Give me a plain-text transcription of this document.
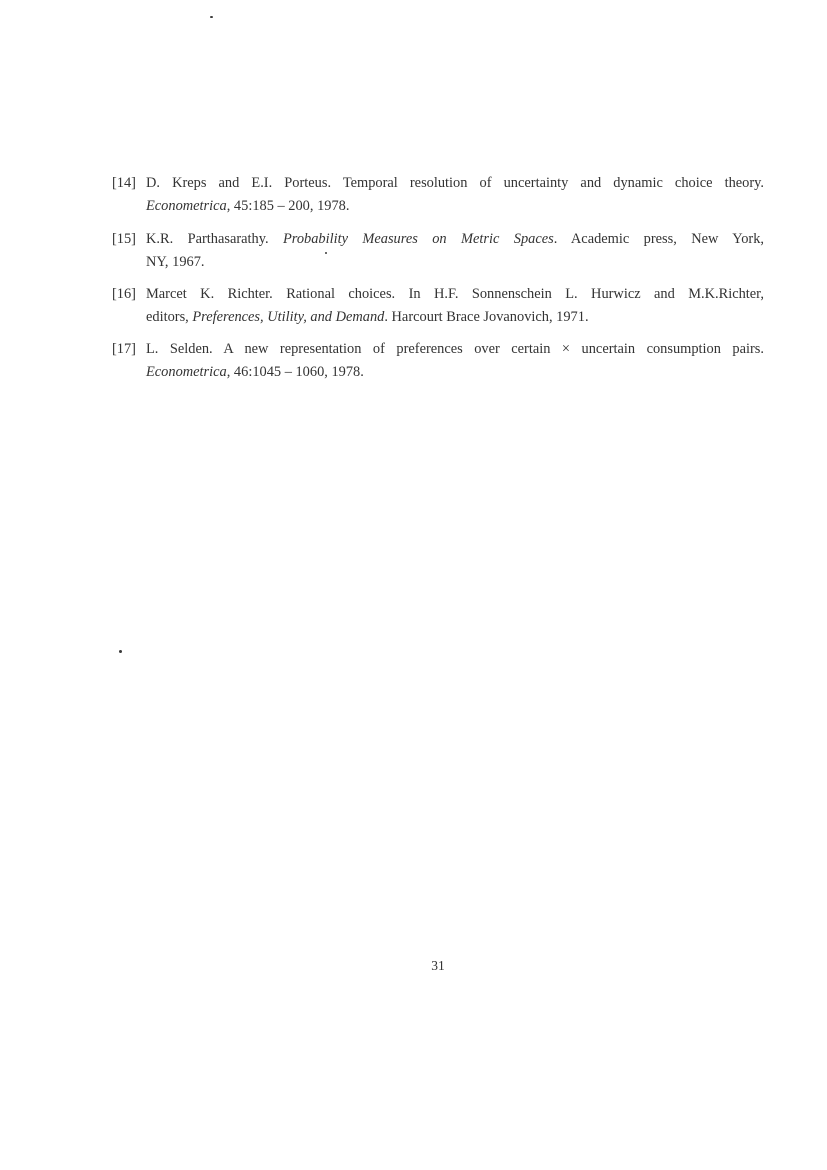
[14] D. Kreps and E.I. Porteus. Temporal resolution of uncertainty and dynamic choice theory.
Econometrica, 45:185 – 200, 1978.
[15] K.R. Parthasarathy. Probability Measures on Metric Spaces. Academic press, New York,
NY, 1967.
[16] Marcet K. Richter. Rational choices. In H.F. Sonnenschein L. Hurwicz and M.K.Richter,
editors, Preferences, Utility, and Demand. Harcourt Brace Jovanovich, 1971.
[17] L. Selden. A new representation of preferences over certain × uncertain consumption pairs.
Econometrica, 46:1045 – 1060, 1978.
31
